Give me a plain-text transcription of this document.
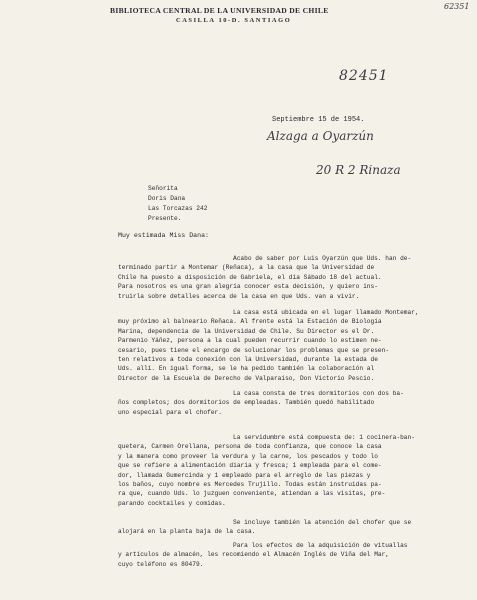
BIBLIOTECA CENTRAL DE LA UNIVERSIDAD DE CHILE
CASILLA 10-D. SANTIAGO
62351
82451
Alzaga a Oyarzún
20 R 2 Rinaza
Septiembre 15 de 1954.
Señorita
Doris Dana
Las Torcazas 242
Presente.
Muy estimada Miss Dana:
Acabo de saber por Luis Oyarzún que Uds. han de-
terminado partir a Montemar (Reñaca), a la casa que la Universidad de
Chile ha puesto a disposición de Gabriela, el día Sábado 18 del actual.
Para nosotros es una gran alegría conocer esta decisión, y quiero ins-
truirla sobre detalles acerca de la casa en que Uds. van a vivir.
La casa está ubicada en el lugar llamado Montemar,
muy próximo al balneario Reñaca. Al frente está la Estación de Biología
Marina, dependencia de la Universidad de Chile. Su Director es el Dr.
Parmenio Yáñez, persona a la cual pueden recurrir cuando lo estimen ne-
cesario, pues tiene el encargo de solucionar los problemas que se presen-
ten relativos a toda conexión con la Universidad, durante la estada de
Uds. allí. En igual forma, se le ha pedido también la colaboración al
Director de la Escuela de Derecho de Valparaíso, Don Victorio Pescio.
La casa consta de tres dormitorios con dos ba-
ños completos; dos dormitorios de empleadas. También quedó habilitado
uno especial para el chofer.
La servidumbre está compuesta de: 1 cocinera-ban-
quetera, Carmen Orellana, persona de toda confianza, que conoce la casa
y la manera como proveer la verdura y la carne, los pescados y todo lo
que se refiere a alimentación diaria y fresca; 1 empleada para el come-
dor, llamada Gumercinda y 1 empleado para el arreglo de las piezas y
los baños, cuyo nombre es Mercedes Trujillo. Todas están instruidas pa-
ra que, cuando Uds. lo juzguen conveniente, atiendan a las visitas, pre-
parando cocktailes y comidas.
Se incluye también la atención del chofer que se
alojará en la planta baja de la casa.
Para los efectos de la adquisición de vituallas
y artículos de almacén, les recomiendo el Almacén Inglés de Viña del Mar,
cuyo teléfono es 80479.
